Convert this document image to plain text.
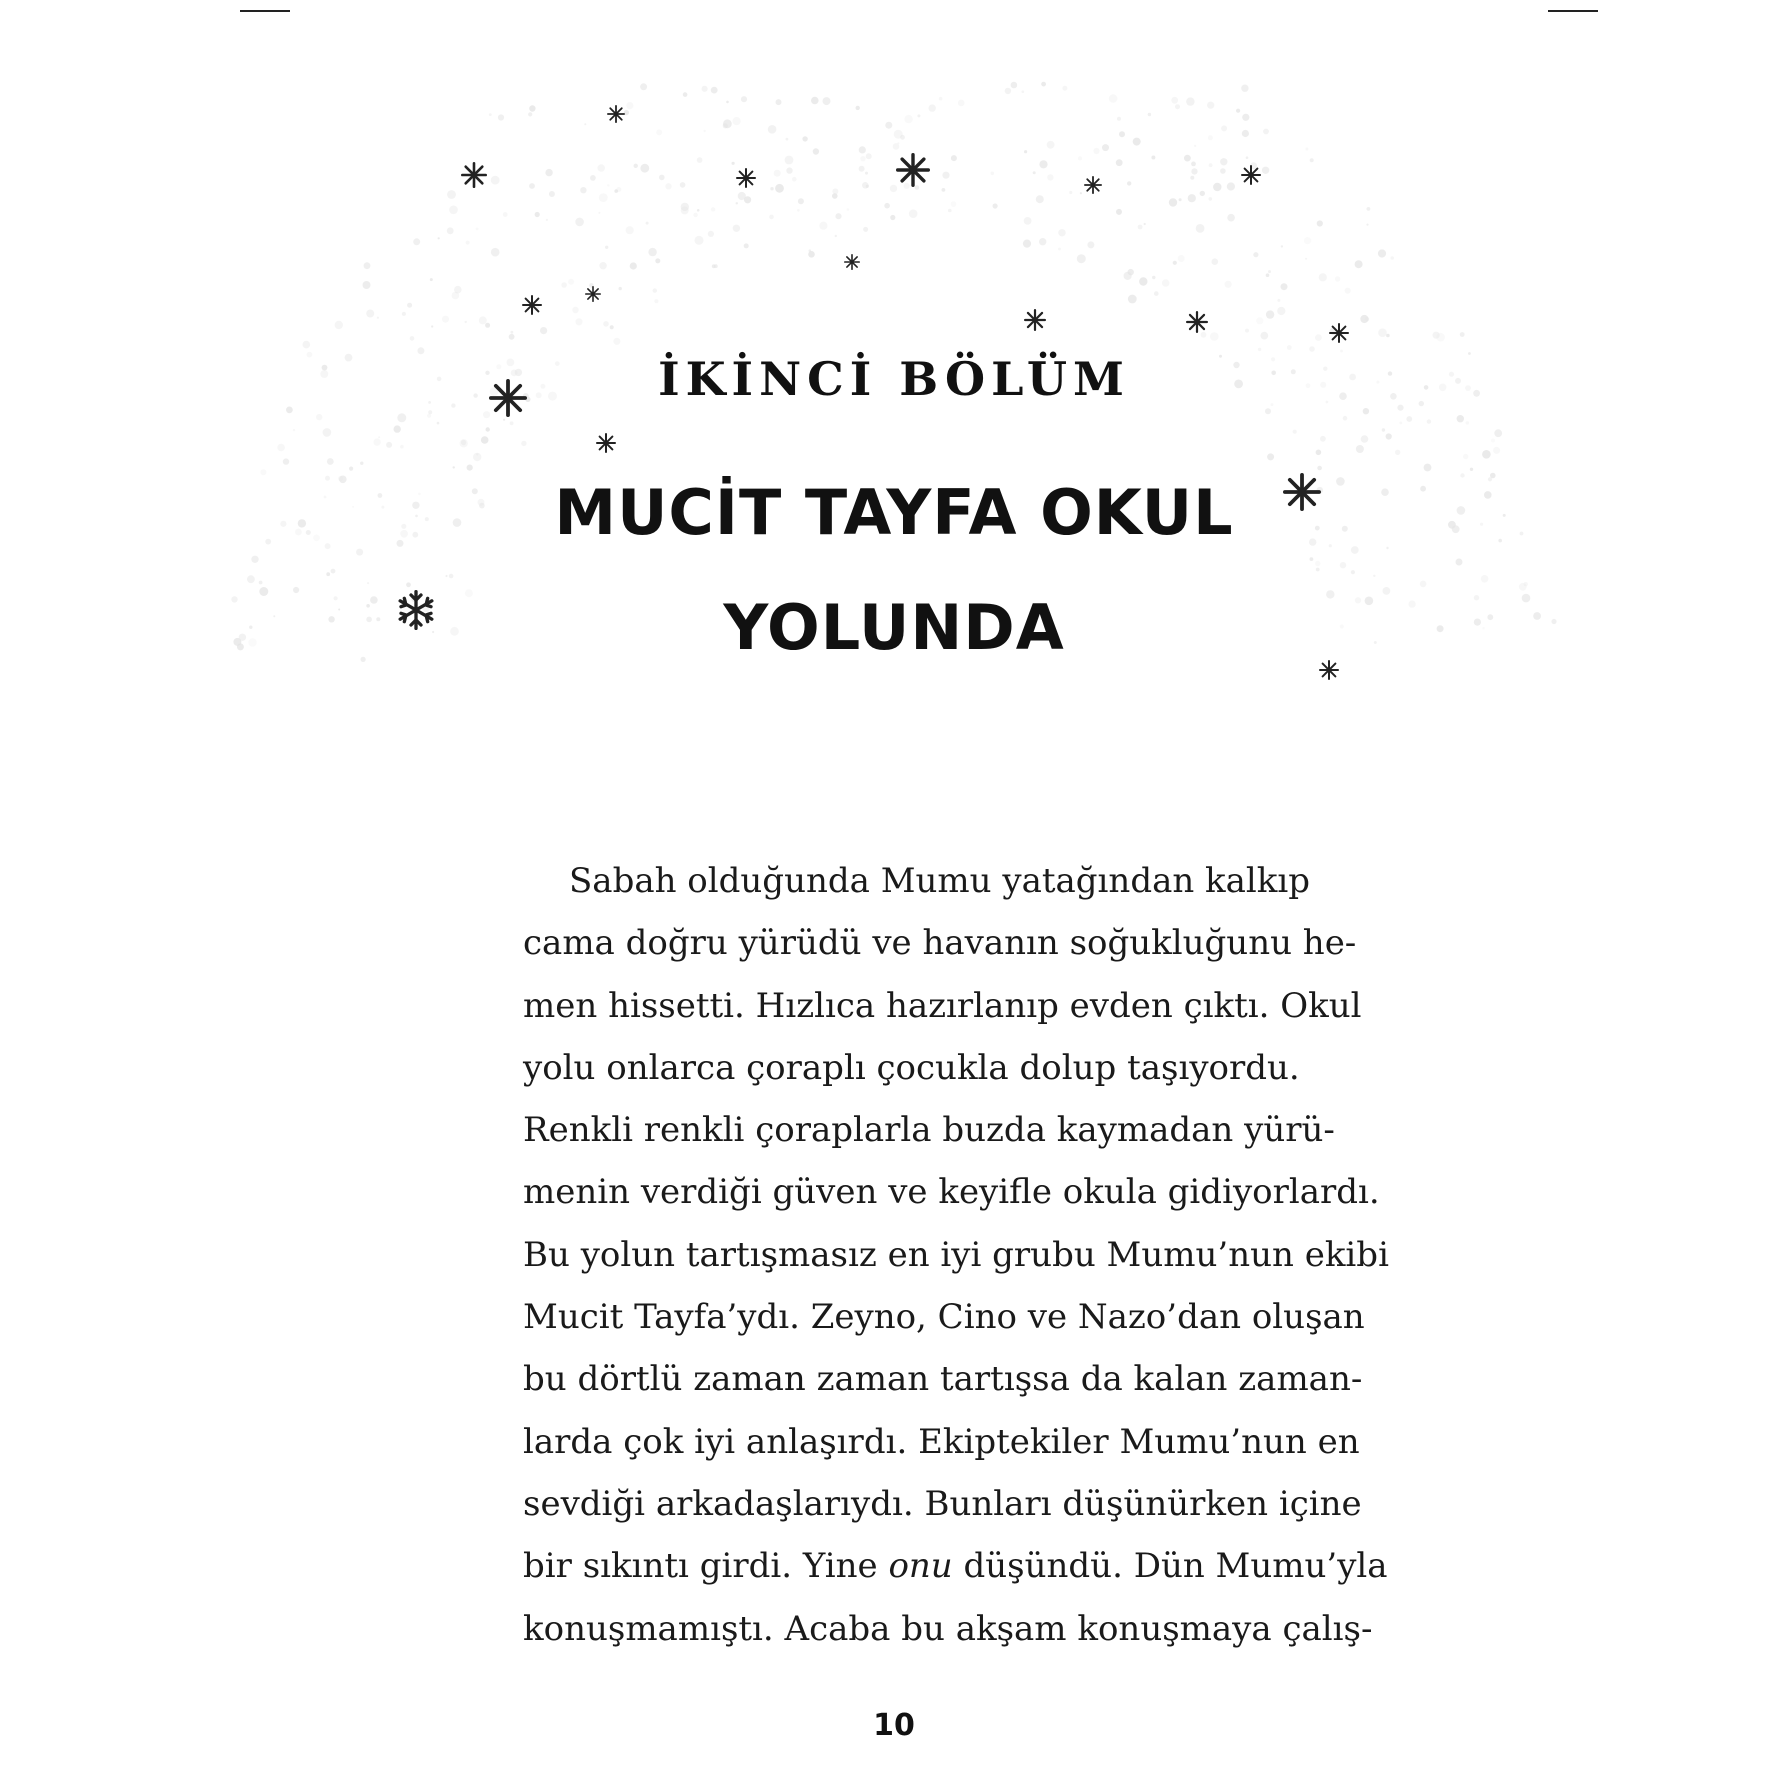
İKİNCİ BÖLÜM
MUCİT TAYFA OKUL
YOLUNDA
Sabah olduğunda Mumu yatağından kalkıp
cama doğru yürüdü ve havanın soğukluğunu he-
men hissetti. Hızlıca hazırlanıp evden çıktı. Okul
yolu onlarca çoraplı çocukla dolup taşıyordu.
Renkli renkli çoraplarla buzda kaymadan yürü-
menin verdiği güven ve keyifle okula gidiyorlardı.
Bu yolun tartışmasız en iyi grubu Mumu’nun ekibi
Mucit Tayfa’ydı. Zeyno, Cino ve Nazo’dan oluşan
bu dörtlü zaman zaman tartışsa da kalan zaman-
larda çok iyi anlaşırdı. Ekiptekiler Mumu’nun en
sevdiği arkadaşlarıydı. Bunları düşünürken içine
bir sıkıntı girdi. Yine onu düşündü. Dün Mumu’yla
konuşmamıştı. Acaba bu akşam konuşmaya çalış-
10
